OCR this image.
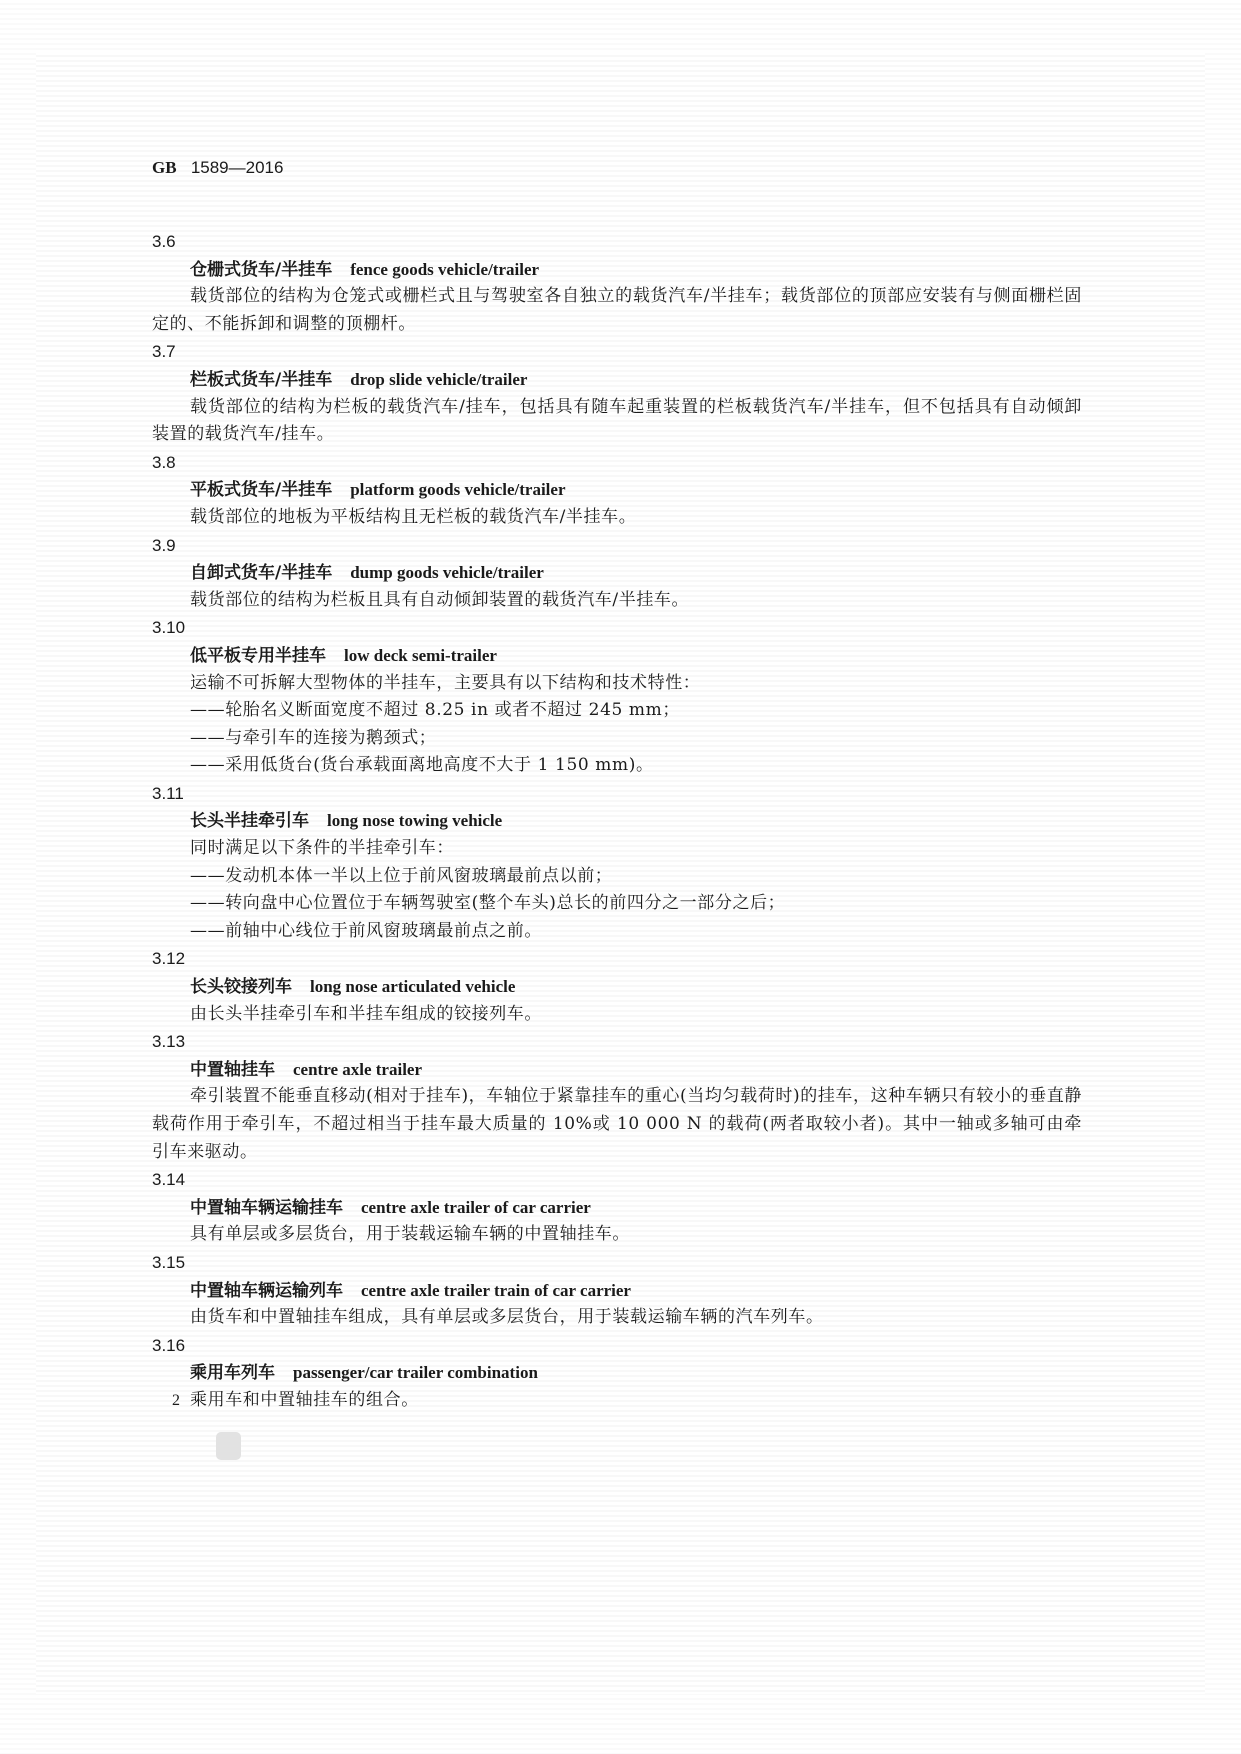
GB 1589—2016
3.6
仓栅式货车/半挂车 fence goods vehicle/trailer
载货部位的结构为仓笼式或栅栏式且与驾驶室各自独立的载货汽车/半挂车；载货部位的顶部应安装有与侧面栅栏固定的、不能拆卸和调整的顶棚杆。
3.7
栏板式货车/半挂车 drop slide vehicle/trailer
载货部位的结构为栏板的载货汽车/挂车，包括具有随车起重装置的栏板载货汽车/半挂车，但不包括具有自动倾卸装置的载货汽车/挂车。
3.8
平板式货车/半挂车 platform goods vehicle/trailer
载货部位的地板为平板结构且无栏板的载货汽车/半挂车。
3.9
自卸式货车/半挂车 dump goods vehicle/trailer
载货部位的结构为栏板且具有自动倾卸装置的载货汽车/半挂车。
3.10
低平板专用半挂车 low deck semi-trailer
运输不可拆解大型物体的半挂车，主要具有以下结构和技术特性：
——轮胎名义断面宽度不超过 8.25 in 或者不超过 245 mm；
——与牵引车的连接为鹅颈式；
——采用低货台(货台承载面离地高度不大于 1 150 mm)。
3.11
长头半挂牵引车 long nose towing vehicle
同时满足以下条件的半挂牵引车：
——发动机本体一半以上位于前风窗玻璃最前点以前；
——转向盘中心位置位于车辆驾驶室(整个车头)总长的前四分之一部分之后；
——前轴中心线位于前风窗玻璃最前点之前。
3.12
长头铰接列车 long nose articulated vehicle
由长头半挂牵引车和半挂车组成的铰接列车。
3.13
中置轴挂车 centre axle trailer
牵引装置不能垂直移动(相对于挂车)，车轴位于紧靠挂车的重心(当均匀载荷时)的挂车，这种车辆只有较小的垂直静载荷作用于牵引车，不超过相当于挂车最大质量的 10%或 10 000 N 的载荷(两者取较小者)。其中一轴或多轴可由牵引车来驱动。
3.14
中置轴车辆运输挂车 centre axle trailer of car carrier
具有单层或多层货台，用于装载运输车辆的中置轴挂车。
3.15
中置轴车辆运输列车 centre axle trailer train of car carrier
由货车和中置轴挂车组成，具有单层或多层货台，用于装载运输车辆的汽车列车。
3.16
乘用车列车 passenger/car trailer combination
乘用车和中置轴挂车的组合。
2
